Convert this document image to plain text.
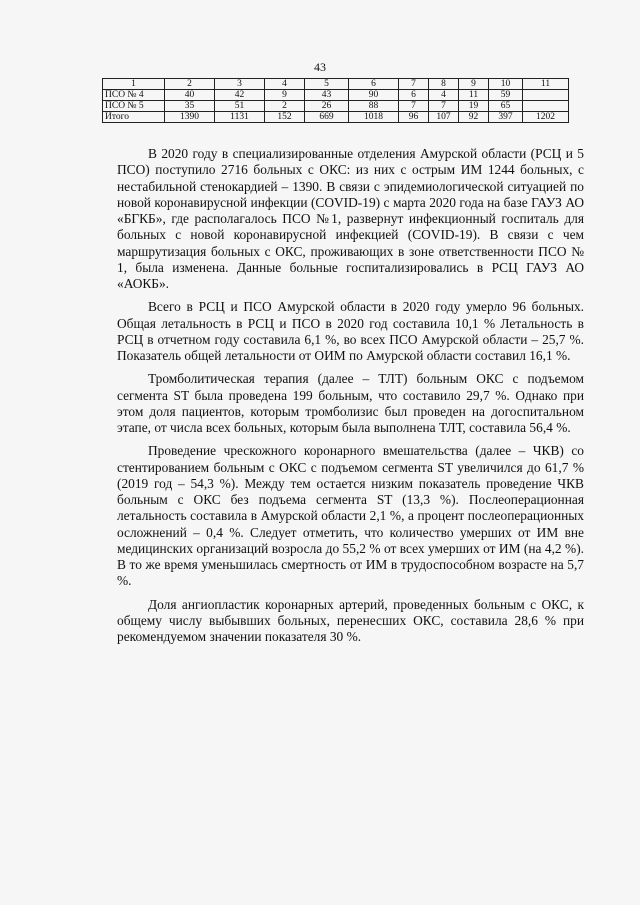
43
1	2	3	4	5	6	7	8	9	10	11
ПСО № 4	40	42	9	43	90	6	4	11	59	
ПСО № 5	35	51	2	26	88	7	7	19	65	
Итого	1390	1131	152	669	1018	96	107	92	397	1202

В 2020 году в специализированные отделения Амурской области (РСЦ и 5 ПСО) поступило 2716 больных с ОКС: из них с острым ИМ 1244 больных, с нестабильной стенокардией – 1390. В связи с эпидемиологической ситуацией по новой коронавирусной инфекции (COVID-19) с марта 2020 года на базе ГАУЗ АО «БГКБ», где располагалось ПСО №1, развернут инфекционный госпиталь для больных с новой коронавирусной инфекцией (COVID-19). В связи с чем маршрутизация больных с ОКС, проживающих в зоне ответственности ПСО № 1, была изменена. Данные больные госпитализировались в РСЦ ГАУЗ АО «АОКБ».

Всего в РСЦ и ПСО Амурской области в 2020 году умерло 96 больных. Общая летальность в РСЦ и ПСО в 2020 год составила 10,1 % Летальность в РСЦ в отчетном году составила 6,1 %, во всех ПСО Амурской области – 25,7 %. Показатель общей летальности от ОИМ по Амурской области составил 16,1 %.

Тромболитическая терапия (далее – ТЛТ) больным ОКС с подъемом сегмента ST была проведена 199 больным, что составило 29,7 %. Однако при этом доля пациентов, которым тромболизис был проведен на догоспитальном этапе, от числа всех больных, которым была выполнена ТЛТ, составила 56,4 %.

Проведение чрескожного коронарного вмешательства (далее – ЧКВ) со стентированием больным с ОКС с подъемом сегмента ST увеличился до 61,7 % (2019 год – 54,3 %). Между тем остается низким показатель проведение ЧКВ больным с ОКС без подъема сегмента ST (13,3 %). Послеоперационная летальность составила в Амурской области 2,1 %, а процент послеоперационных осложнений – 0,4 %. Следует отметить, что количество умерших от ИМ вне медицинских организаций возросла до 55,2 % от всех умерших от ИМ (на 4,2 %). В то же время уменьшилась смертность от ИМ в трудоспособном возрасте на 5,7 %.

Доля ангиопластик коронарных артерий, проведенных больным с ОКС, к общему числу выбывших больных, перенесших ОКС, составила 28,6 % при рекомендуемом значении показателя 30 %.
